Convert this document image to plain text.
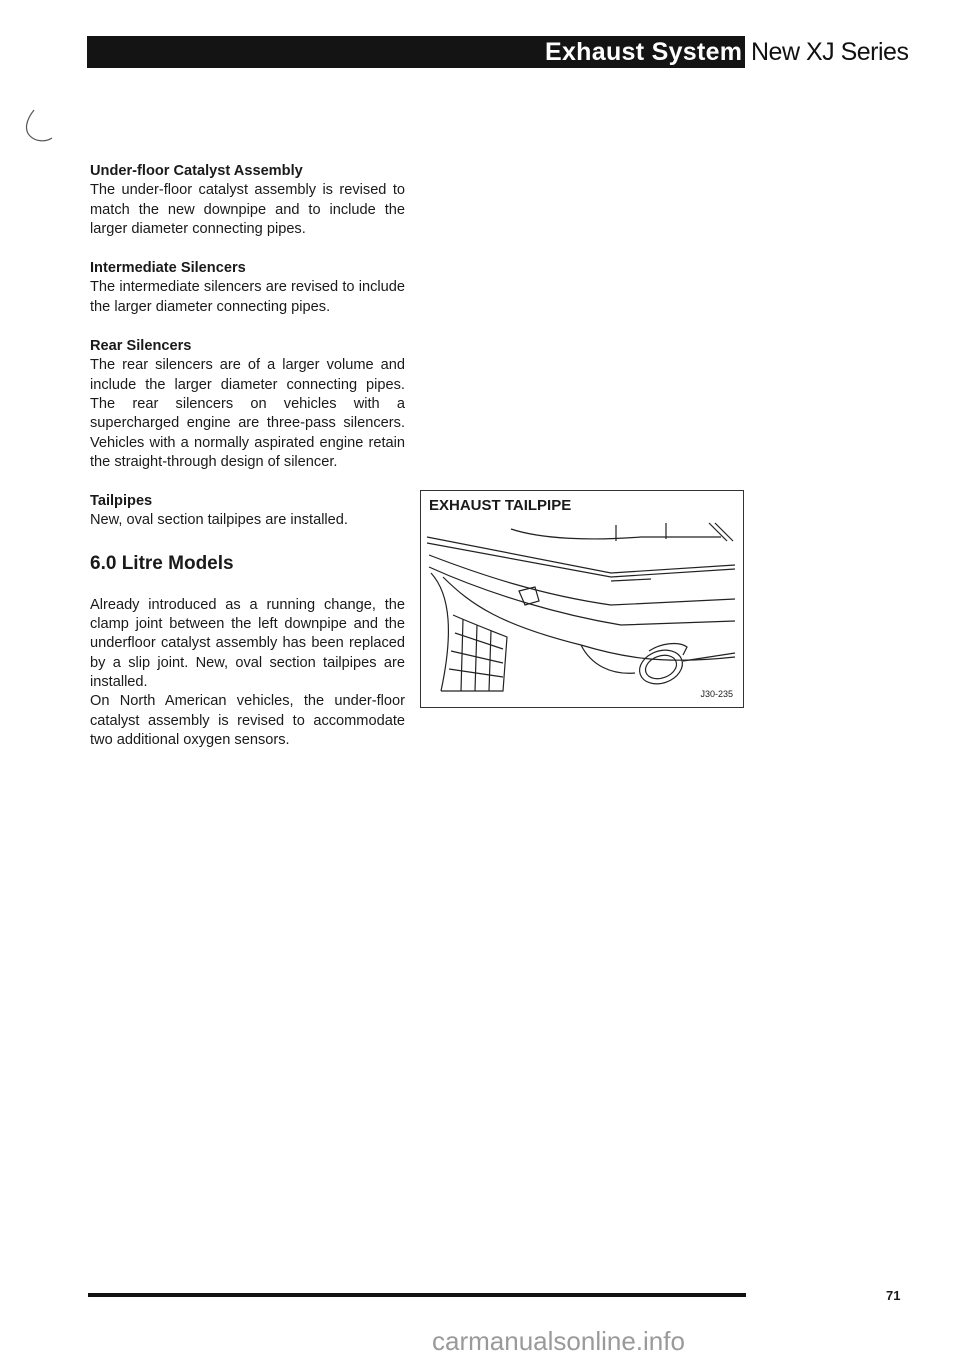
Exhaust System New XJ Series
Under-floor Catalyst Assembly

The under-floor catalyst assembly is revised to match the new downpipe and to include the larger diameter connecting pipes.

Intermediate Silencers

The intermediate silencers are revised to include the larger diameter connecting pipes.

Rear Silencers

The rear silencers are of a larger volume and include the larger diameter connecting pipes. The rear silencers on vehicles with a supercharged engine are three-pass silencers. Vehicles with a normally aspirated engine retain the straight-through design of silencer.

Tailpipes

New, oval section tailpipes are installed.

6.0 Litre Models

Already introduced as a running change, the clamp joint between the left downpipe and the underfloor catalyst assembly has been replaced by a slip joint. New, oval section tailpipes are installed.

On North American vehicles, the under-floor catalyst assembly is revised to accommodate two additional oxygen sensors.

EXHAUST TAILPIPE
J30-235
71
carmanualsonline.info
